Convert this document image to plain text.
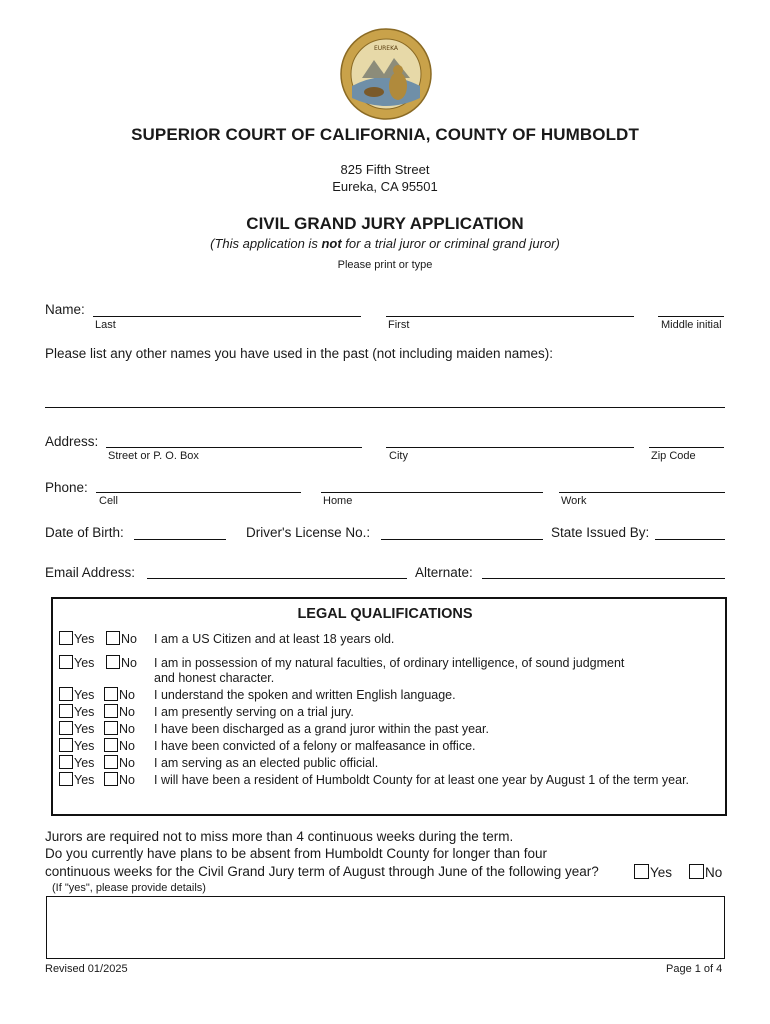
EUREKA
SUPERIOR COURT OF CALIFORNIA, COUNTY OF HUMBOLDT
825 Fifth Street
Eureka, CA 95501
CIVIL GRAND JURY APPLICATION
(This application is not for a trial juror or criminal grand juror)
Please print or type
Name:
Last	First	Middle initial
Please list any other names you have used in the past (not including maiden names):
Address:
Street or P. O. Box	City	Zip Code
Phone:
Cell	Home	Work
Date of Birth:	Driver's License No.:	State Issued By:
Email Address:	Alternate:
LEGAL QUALIFICATIONS
Yes	No I am a US Citizen and at least 18 years old.
Yes	No I am in possession of my natural faculties, of ordinary intelligence, of sound judgment
and honest character.
Yes	No I understand the spoken and written English language.
Yes	No I am presently serving on a trial jury.
Yes	No I have been discharged as a grand juror within the past year.
Yes	No I have been convicted of a felony or malfeasance in office.
Yes	No I am serving as an elected public official.
Yes	No I will have been a resident of Humboldt County for at least one year by August 1 of the term year.
Jurors are required not to miss more than 4 continuous weeks during the term.
Do you currently have plans to be absent from Humboldt County for longer than four
continuous weeks for the Civil Grand Jury term of August through June of the following year?	Yes	No
(If "yes", please provide details)
Revised 01/2025	Page 1 of 4
